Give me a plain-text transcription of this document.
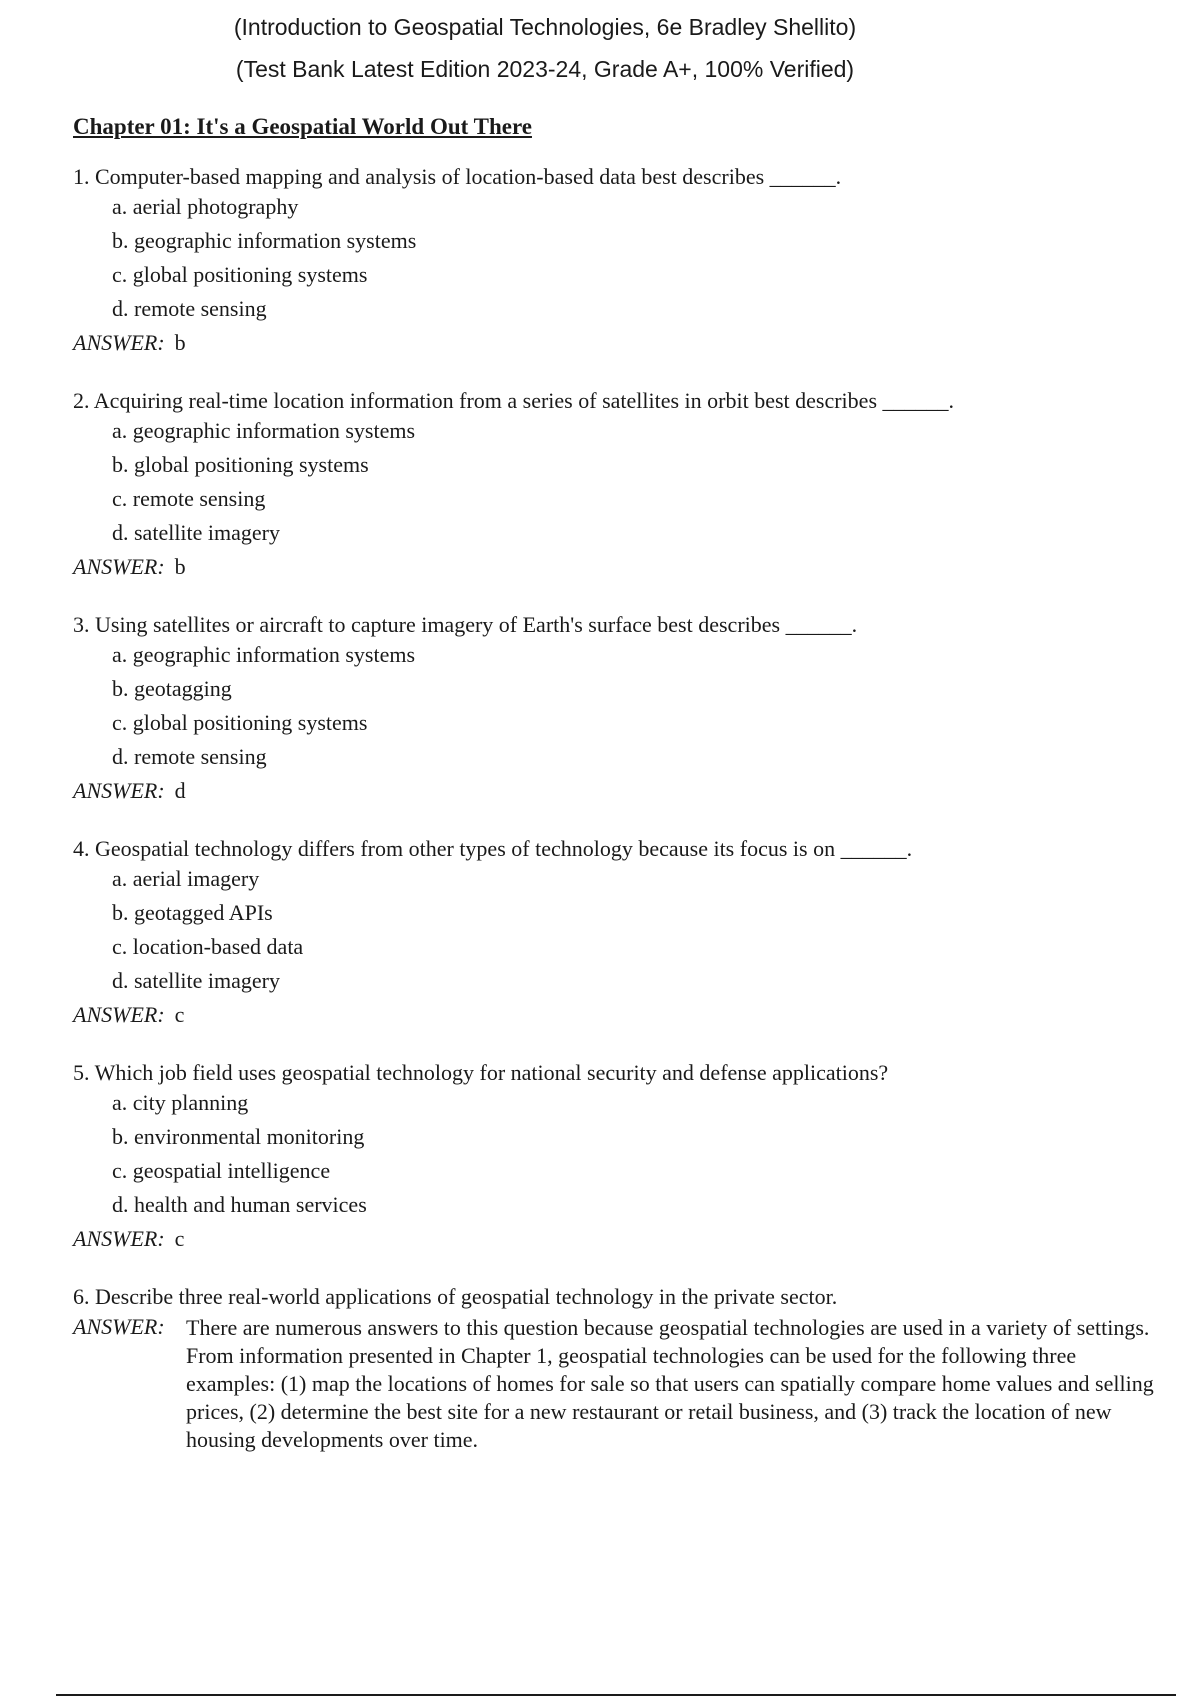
(Introduction to Geospatial Technologies, 6e Bradley Shellito)
(Test Bank Latest Edition 2023-24, Grade A+, 100% Verified)
Chapter 01: It's a Geospatial World Out There
1. Computer-based mapping and analysis of location-based data best describes ______.
a. aerial photography
b. geographic information systems
c. global positioning systems
d. remote sensing
ANSWER: b
2. Acquiring real-time location information from a series of satellites in orbit best describes ______.
a. geographic information systems
b. global positioning systems
c. remote sensing
d. satellite imagery
ANSWER: b
3. Using satellites or aircraft to capture imagery of Earth's surface best describes ______.
a. geographic information systems
b. geotagging
c. global positioning systems
d. remote sensing
ANSWER: d
4. Geospatial technology differs from other types of technology because its focus is on ______.
a. aerial imagery
b. geotagged APIs
c. location-based data
d. satellite imagery
ANSWER: c
5. Which job field uses geospatial technology for national security and defense applications?
a. city planning
b. environmental monitoring
c. geospatial intelligence
d. health and human services
ANSWER: c
6. Describe three real-world applications of geospatial technology in the private sector.
ANSWER: There are numerous answers to this question because geospatial technologies are used in a variety of settings. From information presented in Chapter 1, geospatial technologies can be used for the following three examples: (1) map the locations of homes for sale so that users can spatially compare home values and selling prices, (2) determine the best site for a new restaurant or retail business, and (3) track the location of new housing developments over time.
